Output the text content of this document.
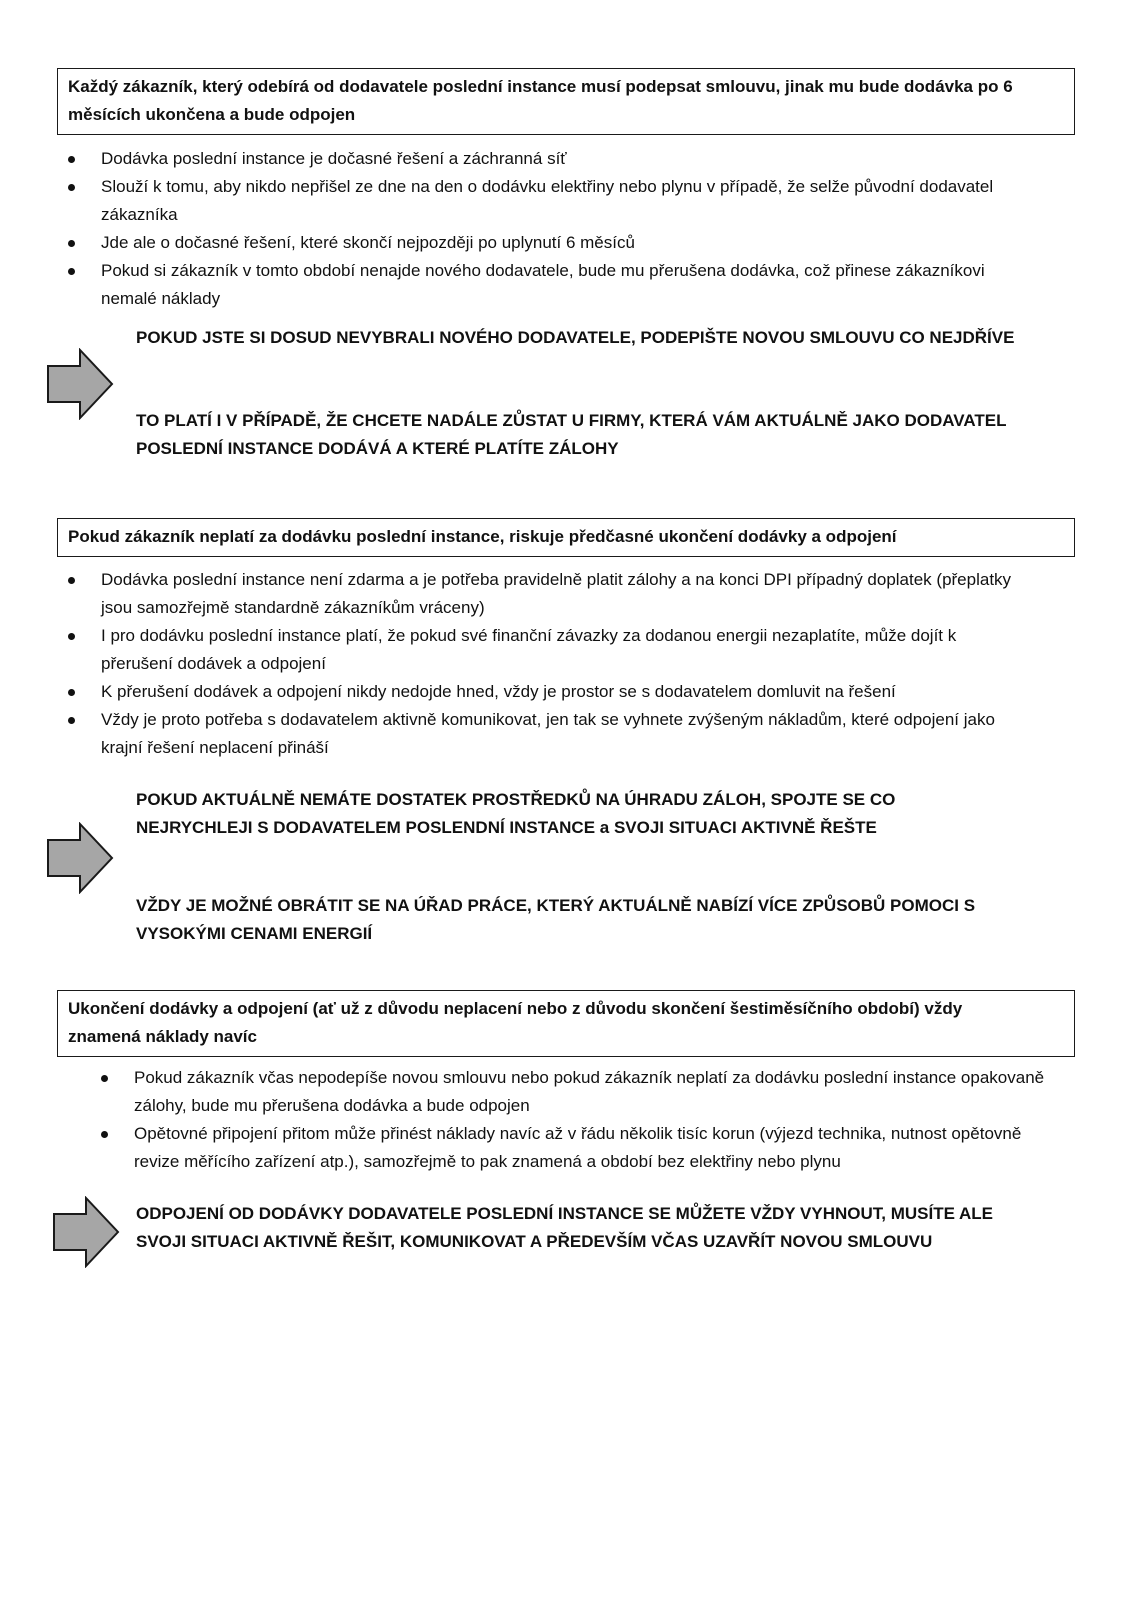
Každý zákazník, který odebírá od dodavatele poslední instance musí podepsat smlouvu, jinak mu bude dodávka po 6 měsících ukončena a bude odpojen
Dodávka poslední instance je dočasné řešení a záchranná síť
Slouží k tomu, aby nikdo nepřišel ze dne na den o dodávku elektřiny nebo plynu v případě, že selže původní dodavatel zákazníka
Jde ale o dočasné řešení, které skončí nejpozději po uplynutí 6 měsíců
Pokud si zákazník v tomto období nenajde nového dodavatele, bude mu přerušena dodávka, což přinese zákazníkovi nemalé náklady

POKUD JSTE SI DOSUD NEVYBRALI NOVÉHO DODAVATELE, PODEPIŠTE NOVOU SMLOUVU CO NEJDŘÍVE

TO PLATÍ I V PŘÍPADĚ, ŽE CHCETE NADÁLE ZŮSTAT U FIRMY, KTERÁ VÁM AKTUÁLNĚ JAKO DODAVATEL POSLEDNÍ INSTANCE DODÁVÁ A KTERÉ PLATÍTE ZÁLOHY

Pokud zákazník neplatí za dodávku poslední instance, riskuje předčasné ukončení dodávky a odpojení
Dodávka poslední instance není zdarma a je potřeba pravidelně platit zálohy a na konci DPI případný doplatek (přeplatky jsou samozřejmě standardně zákazníkům vráceny)
I pro dodávku poslední instance platí, že pokud své finanční závazky za dodanou energii nezaplatíte, může dojít k přerušení dodávek a odpojení
K přerušení dodávek a odpojení nikdy nedojde hned, vždy je prostor se s dodavatelem domluvit na řešení
Vždy je proto potřeba s dodavatelem aktivně komunikovat, jen tak se vyhnete zvýšeným nákladům, které odpojení jako krajní řešení neplacení přináší

POKUD AKTUÁLNĚ NEMÁTE DOSTATEK PROSTŘEDKŮ NA ÚHRADU ZÁLOH, SPOJTE SE CO NEJRYCHLEJI S DODAVATELEM POSLENDNÍ INSTANCE a SVOJI SITUACI AKTIVNĚ ŘEŠTE

VŽDY JE MOŽNÉ OBRÁTIT SE NA ÚŘAD PRÁCE, KTERÝ AKTUÁLNĚ NABÍZÍ VÍCE ZPŮSOBŮ POMOCI S VYSOKÝMI CENAMI ENERGIÍ

Ukončení dodávky a odpojení (ať už z důvodu neplacení nebo z důvodu skončení šestiměsíčního období) vždy znamená náklady navíc
Pokud zákazník včas nepodepíše novou smlouvu nebo pokud zákazník neplatí za dodávku poslední instance opakovaně zálohy, bude mu přerušena dodávka a bude odpojen
Opětovné připojení přitom může přinést náklady navíc až v řádu několik tisíc korun (výjezd technika, nutnost opětovně revize měřícího zařízení atp.), samozřejmě to pak znamená a období bez elektřiny nebo plynu

ODPOJENÍ OD DODÁVKY DODAVATELE POSLEDNÍ INSTANCE SE MŮŽETE VŽDY VYHNOUT, MUSÍTE ALE SVOJI SITUACI AKTIVNĚ ŘEŠIT, KOMUNIKOVAT A PŘEDEVŠÍM VČAS UZAVŘÍT NOVOU SMLOUVU
